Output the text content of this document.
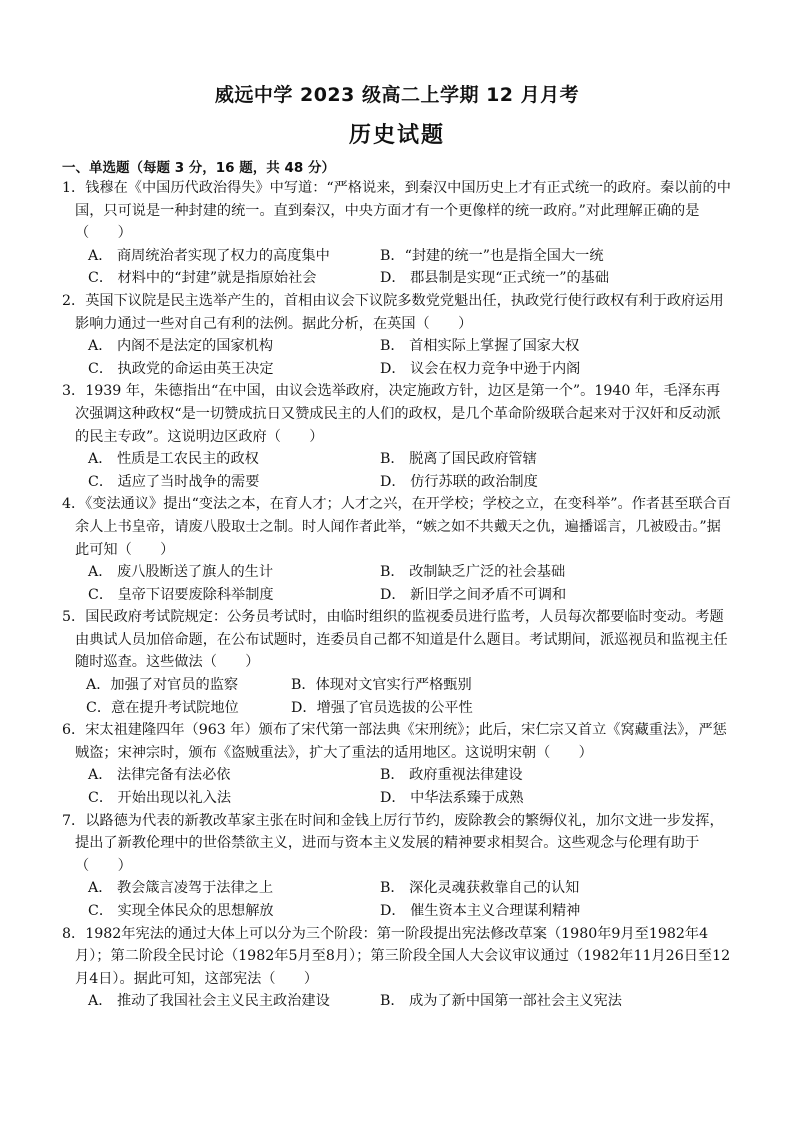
威远中学 2023 级高二上学期 12 月月考
历史试题
一、单选题（每题 3 分，16 题，共 48 分）
1．钱穆在《中国历代政治得失》中写道：“严格说来，到秦汉中国历史上才有正式统一的政府。秦以前的中国，只可说是一种封建的统一。直到秦汉，中央方面才有一个更像样的统一政府。”对此理解正确的是（　　）
A． 商周统治者实现了权力的高度集中	B．“封建的统一”也是指全国大一统
C． 材料中的“封建”就是指原始社会	D． 郡县制是实现“正式统一”的基础
2．英国下议院是民主选举产生的，首相由议会下议院多数党党魁出任，执政党行使行政权有利于政府运用影响力通过一些对自己有利的法例。据此分析，在英国（　　）
A． 内阁不是法定的国家机构	B． 首相实际上掌握了国家大权
C． 执政党的命运由英王决定	D． 议会在权力竞争中逊于内阁
3．1939 年，朱德指出“在中国，由议会选举政府，决定施政方针，边区是第一个”。1940 年，毛泽东再次强调这种政权“是一切赞成抗日又赞成民主的人们的政权，是几个革命阶级联合起来对于汉奸和反动派的民主专政”。这说明边区政府（　　）
A． 性质是工农民主的政权	B． 脱离了国民政府管辖
C． 适应了当时战争的需要	D． 仿行苏联的政治制度
4．《变法通议》提出“变法之本，在育人才；人才之兴，在开学校；学校之立，在变科举”。作者甚至联合百余人上书皇帝，请废八股取士之制。时人闻作者此举，“嫉之如不共戴天之仇，遍播谣言，几被殴击。”据此可知（　　）
A． 废八股断送了旗人的生计	B． 改制缺乏广泛的社会基础
C． 皇帝下诏要废除科举制度	D． 新旧学之间矛盾不可调和
5．国民政府考试院规定：公务员考试时，由临时组织的监视委员进行监考，人员每次都要临时变动。考题由典试人员加倍命题，在公布试题时，连委员自己都不知道是什么题目。考试期间，派巡视员和监视主任随时巡查。这些做法（　　）
A．加强了对官员的监察	B．体现对文官实行严格甄别
C．意在提升考试院地位	D．增强了官员选拔的公平性
6．宋太祖建隆四年（963 年）颁布了宋代第一部法典《宋刑统》；此后，宋仁宗又首立《窝藏重法》，严惩贼盗；宋神宗时，颁布《盗贼重法》，扩大了重法的适用地区。这说明宋朝（　　）
A． 法律完备有法必依	B． 政府重视法律建设
C． 开始出现以礼入法	D． 中华法系臻于成熟
7．以路德为代表的新教改革家主张在时间和金钱上厉行节约，废除教会的繁缛仪礼，加尔文进一步发挥，提出了新教伦理中的世俗禁欲主义，进而与资本主义发展的精神要求相契合。这些观念与伦理有助于（　　）
A． 教会箴言凌驾于法律之上	B． 深化灵魂获救靠自己的认知
C． 实现全体民众的思想解放	D． 催生资本主义合理谋利精神
8．1982年宪法的通过大体上可以分为三个阶段：第一阶段提出宪法修改草案（1980年9月至1982年4月）；第二阶段全民讨论（1982年5月至8月）；第三阶段全国人大会议审议通过（1982年11月26日至12月4日）。据此可知，这部宪法（　　）
A． 推动了我国社会主义民主政治建设	B． 成为了新中国第一部社会主义宪法
